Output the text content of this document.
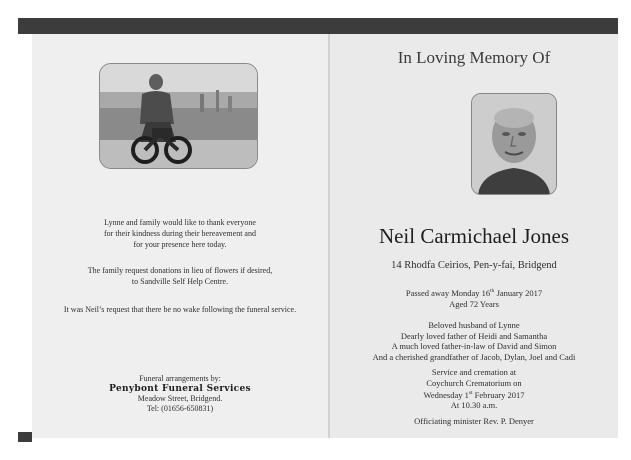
Lynne and family would like to thank everyone
for their kindness during their bereavement and
for your presence here today.
The family request donations in lieu of flowers if desired,
to Sandville Self Help Centre.
It was Neil’s request that there be no wake following the funeral service.
Funeral arrangements by:
Penybont Funeral Services
Meadow Street, Bridgend.
Tel: (01656-650831)
In Loving Memory Of
Neil Carmichael Jones
14 Rhodfa Ceirios, Pen-y-fai, Bridgend
Passed away Monday 16th January 2017
Aged 72 Years
Beloved husband of Lynne
Dearly loved father of Heidi and Samantha
A much loved father-in-law of David and Simon
And a cherished grandfather of Jacob, Dylan, Joel and Cadi
Service and cremation at
Coychurch Crematorium on
Wednesday 1st February 2017
At 10.30 a.m.
Officiating minister Rev. P. Denyer
